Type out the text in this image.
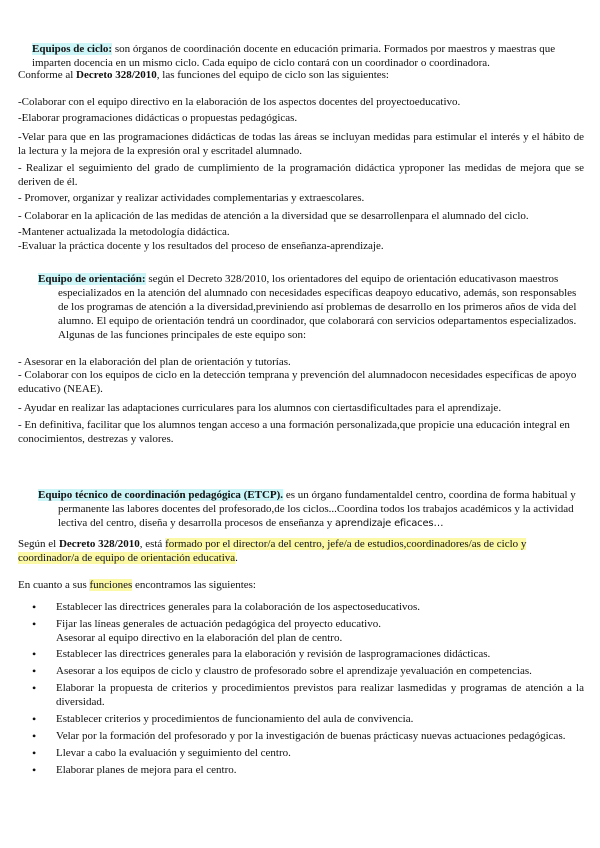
Equipos de ciclo: son órganos de coordinación docente en educación primaria. Formados por maestros y maestras que imparten docencia en un mismo ciclo. Cada equipo de ciclo contará con un coordinador o coordinadora.

Conforme al Decreto 328/2010, las funciones del equipo de ciclo son las siguientes:

-Colaborar con el equipo directivo en la elaboración de los aspectos docentes del proyectoeducativo.

-Elaborar programaciones didácticas o propuestas pedagógicas.

-Velar para que en las programaciones didácticas de todas las áreas se incluyan medidas para estimular el interés y el hábito de la lectura y la mejora de la expresión oral y escritadel alumnado.

- Realizar el seguimiento del grado de cumplimiento de la programación didáctica yproponer las medidas de mejora que se deriven de él.

- Promover, organizar y realizar actividades complementarias y extraescolares.

- Colaborar en la aplicación de las medidas de atención a la diversidad que se desarrollenpara el alumnado del ciclo.

-Mantener actualizada la metodología didáctica.

-Evaluar la práctica docente y los resultados del proceso de enseñanza-aprendizaje.

Equipo de orientación: según el Decreto 328/2010, los orientadores del equipo de orientación educativason maestros especializados en la atención del alumnado con necesidades específicas deapoyo educativo, además, son responsables de los programas de atención a la diversidad,previniendo así problemas de desarrollo en los primeros años de vida del alumno. El equipo de orientación tendrá un coordinador, que colaborará con servicios odepartamentos especializados. Algunas de las funciones principales de este equipo son:

- Asesorar en la elaboración del plan de orientación y tutorías.

- Colaborar con los equipos de ciclo en la detección temprana y prevención del alumnadocon necesidades específicas de apoyo educativo (NEAE).

- Ayudar en realizar las adaptaciones curriculares para los alumnos con ciertasdificultades para el aprendizaje.

- En definitiva, facilitar que los alumnos tengan acceso a una formación personalizada,que propicie una educación integral en conocimientos, destrezas y valores.

Equipo técnico de coordinación pedagógica (ETCP). es un órgano fundamentaldel centro, coordina de forma habitual y permanente las labores docentes del profesorado,de los ciclos...Coordina todos los trabajos académicos y la actividad lectiva del centro, diseña y desarrolla procesos de enseñanza y aprendizaje eficaces…

Según el Decreto 328/2010, está formado por el director/a del centro, jefe/a de estudios,coordinadores/as de ciclo y coordinador/a de equipo de orientación educativa.

En cuanto a sus funciones encontramos las siguientes:

• Establecer las directrices generales para la colaboración de los aspectoseducativos.
• Fijar las líneas generales de actuación pedagógica del proyecto educativo.
Asesorar al equipo directivo en la elaboración del plan de centro.
• Establecer las directrices generales para la elaboración y revisión de lasprogramaciones didácticas.
• Asesorar a los equipos de ciclo y claustro de profesorado sobre el aprendizaje yevaluación en competencias.
• Elaborar la propuesta de criterios y procedimientos previstos para realizar lasmedidas y programas de atención a la diversidad.
• Establecer criterios y procedimientos de funcionamiento del aula de convivencia.
• Velar por la formación del profesorado y por la investigación de buenas prácticasy nuevas actuaciones pedagógicas.
• Llevar a cabo la evaluación y seguimiento del centro.
• Elaborar planes de mejora para el centro.
